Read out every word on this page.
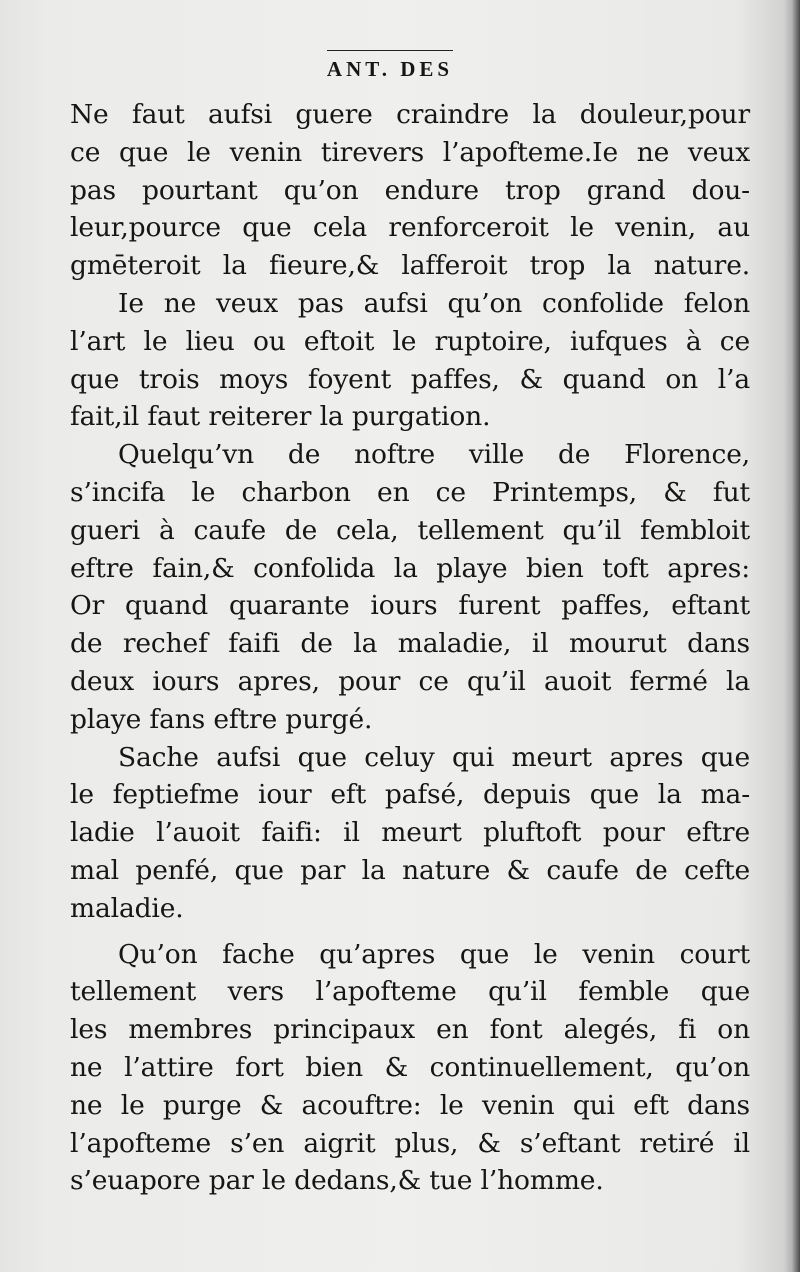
ANT. DES
Ne faut aufsi guere craindre la douleur,pour
ce que le venin tirevers l’apofteme.Ie ne veux
pas pourtant qu’on endure trop grand dou-
leur,pource que cela renforceroit le venin, au
gmēteroit la fieure,& lafferoit trop la nature.
Ie ne veux pas aufsi qu’on confolide felon
l’art le lieu ou eftoit le ruptoire, iufques à ce
que trois moys foyent paffes, & quand on l’a
fait,il faut reiterer la purgation.
Quelqu’vn de noftre ville de Florence,
s’incifa le charbon en ce Printemps, & fut
gueri à caufe de cela, tellement qu’il fembloit
eftre fain,& confolida la playe bien toft apres:
Or quand quarante iours furent paffes, eftant
de rechef faifi de la maladie, il mourut dans
deux iours apres, pour ce qu’il auoit fermé la
playe fans eftre purgé.
Sache aufsi que celuy qui meurt apres que
le feptiefme iour eft pafsé, depuis que la ma-
ladie l’auoit faifi: il meurt pluftoft pour eftre
mal penfé, que par la nature & caufe de cefte
maladie.
Qu’on fache qu’apres que le venin court
tellement vers l’apofteme qu’il femble que
les membres principaux en font alegés, fi on
ne l’attire fort bien & continuellement, qu’on
ne le purge & acouftre: le venin qui eft dans
l’apofteme s’en aigrit plus, & s’eftant retiré il
s’euapore par le dedans,& tue l’homme.
